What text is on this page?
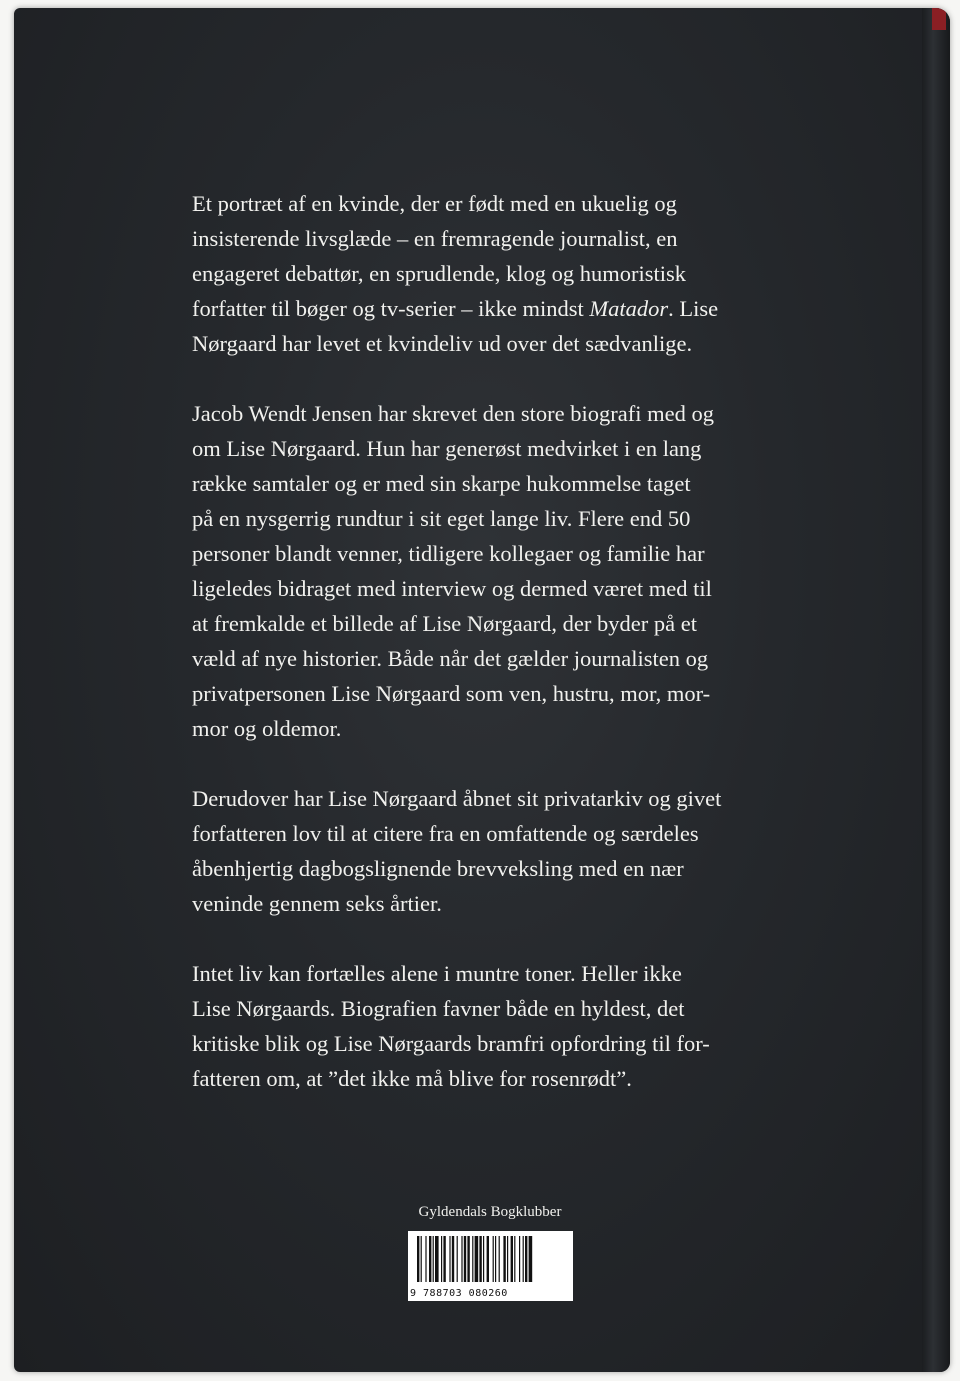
Et portræt af en kvinde, der er født med en ukuelig og
insisterende livsglæde – en fremragende journalist, en
engageret debattør, en sprudlende, klog og humoristisk
forfatter til bøger og tv-serier – ikke mindst Matador. Lise
Nørgaard har levet et kvindeliv ud over det sædvanlige.

Jacob Wendt Jensen har skrevet den store biografi med og
om Lise Nørgaard. Hun har generøst medvirket i en lang
række samtaler og er med sin skarpe hukommelse taget
på en nysgerrig rundtur i sit eget lange liv. Flere end 50
personer blandt venner, tidligere kollegaer og familie har
ligeledes bidraget med interview og dermed været med til
at fremkalde et billede af Lise Nørgaard, der byder på et
væld af nye historier. Både når det gælder journalisten og
privatpersonen Lise Nørgaard som ven, hustru, mor, mor-
mor og oldemor.

Derudover har Lise Nørgaard åbnet sit privatarkiv og givet
forfatteren lov til at citere fra en omfattende og særdeles
åbenhjertig dagbogslignende brevveksling med en nær
veninde gennem seks årtier.

Intet liv kan fortælles alene i muntre toner. Heller ikke
Lise Nørgaards. Biografien favner både en hyldest, det
kritiske blik og Lise Nørgaards bramfri opfordring til for-
fatteren om, at ”det ikke må blive for rosenrødt”.

Gyldendals Bogklubber
9 788703 080260
